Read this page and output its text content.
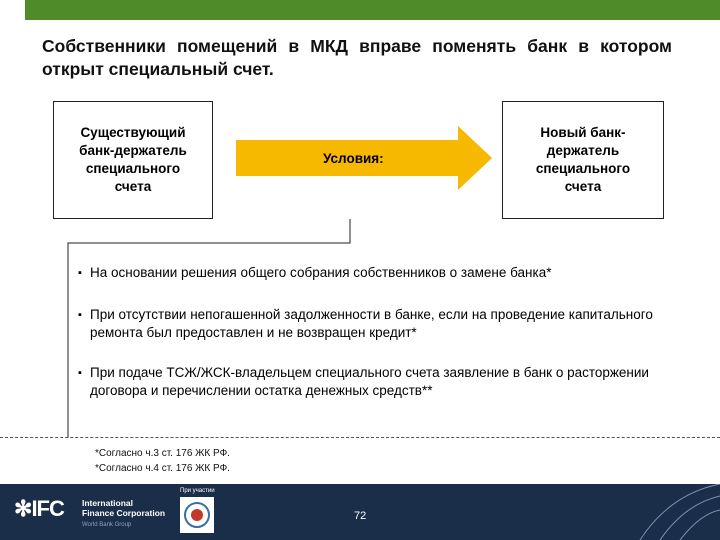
Собственники помещений в МКД вправе поменять банк в котором открыт специальный счет.
Существующий
банк-держатель
специального
счета
Условия:
Новый банк-
держатель
специального
счета
▪ На основании решения общего собрания собственников о замене банка*
▪ При отсутствии непогашенной задолженности в банке, если на проведение капитального ремонта был предоставлен и не возвращен кредит*
▪ При подаче ТСЖ/ЖСК-владельцем специального счета заявление в банк о расторжении договора и перечислении остатка денежных средств**
*Согласно ч.3 ст. 176 ЖК РФ.
*Согласно ч.4 ст. 176 ЖК РФ.
✻IFC International
Finance Corporation
World Bank Group
При участии
72
